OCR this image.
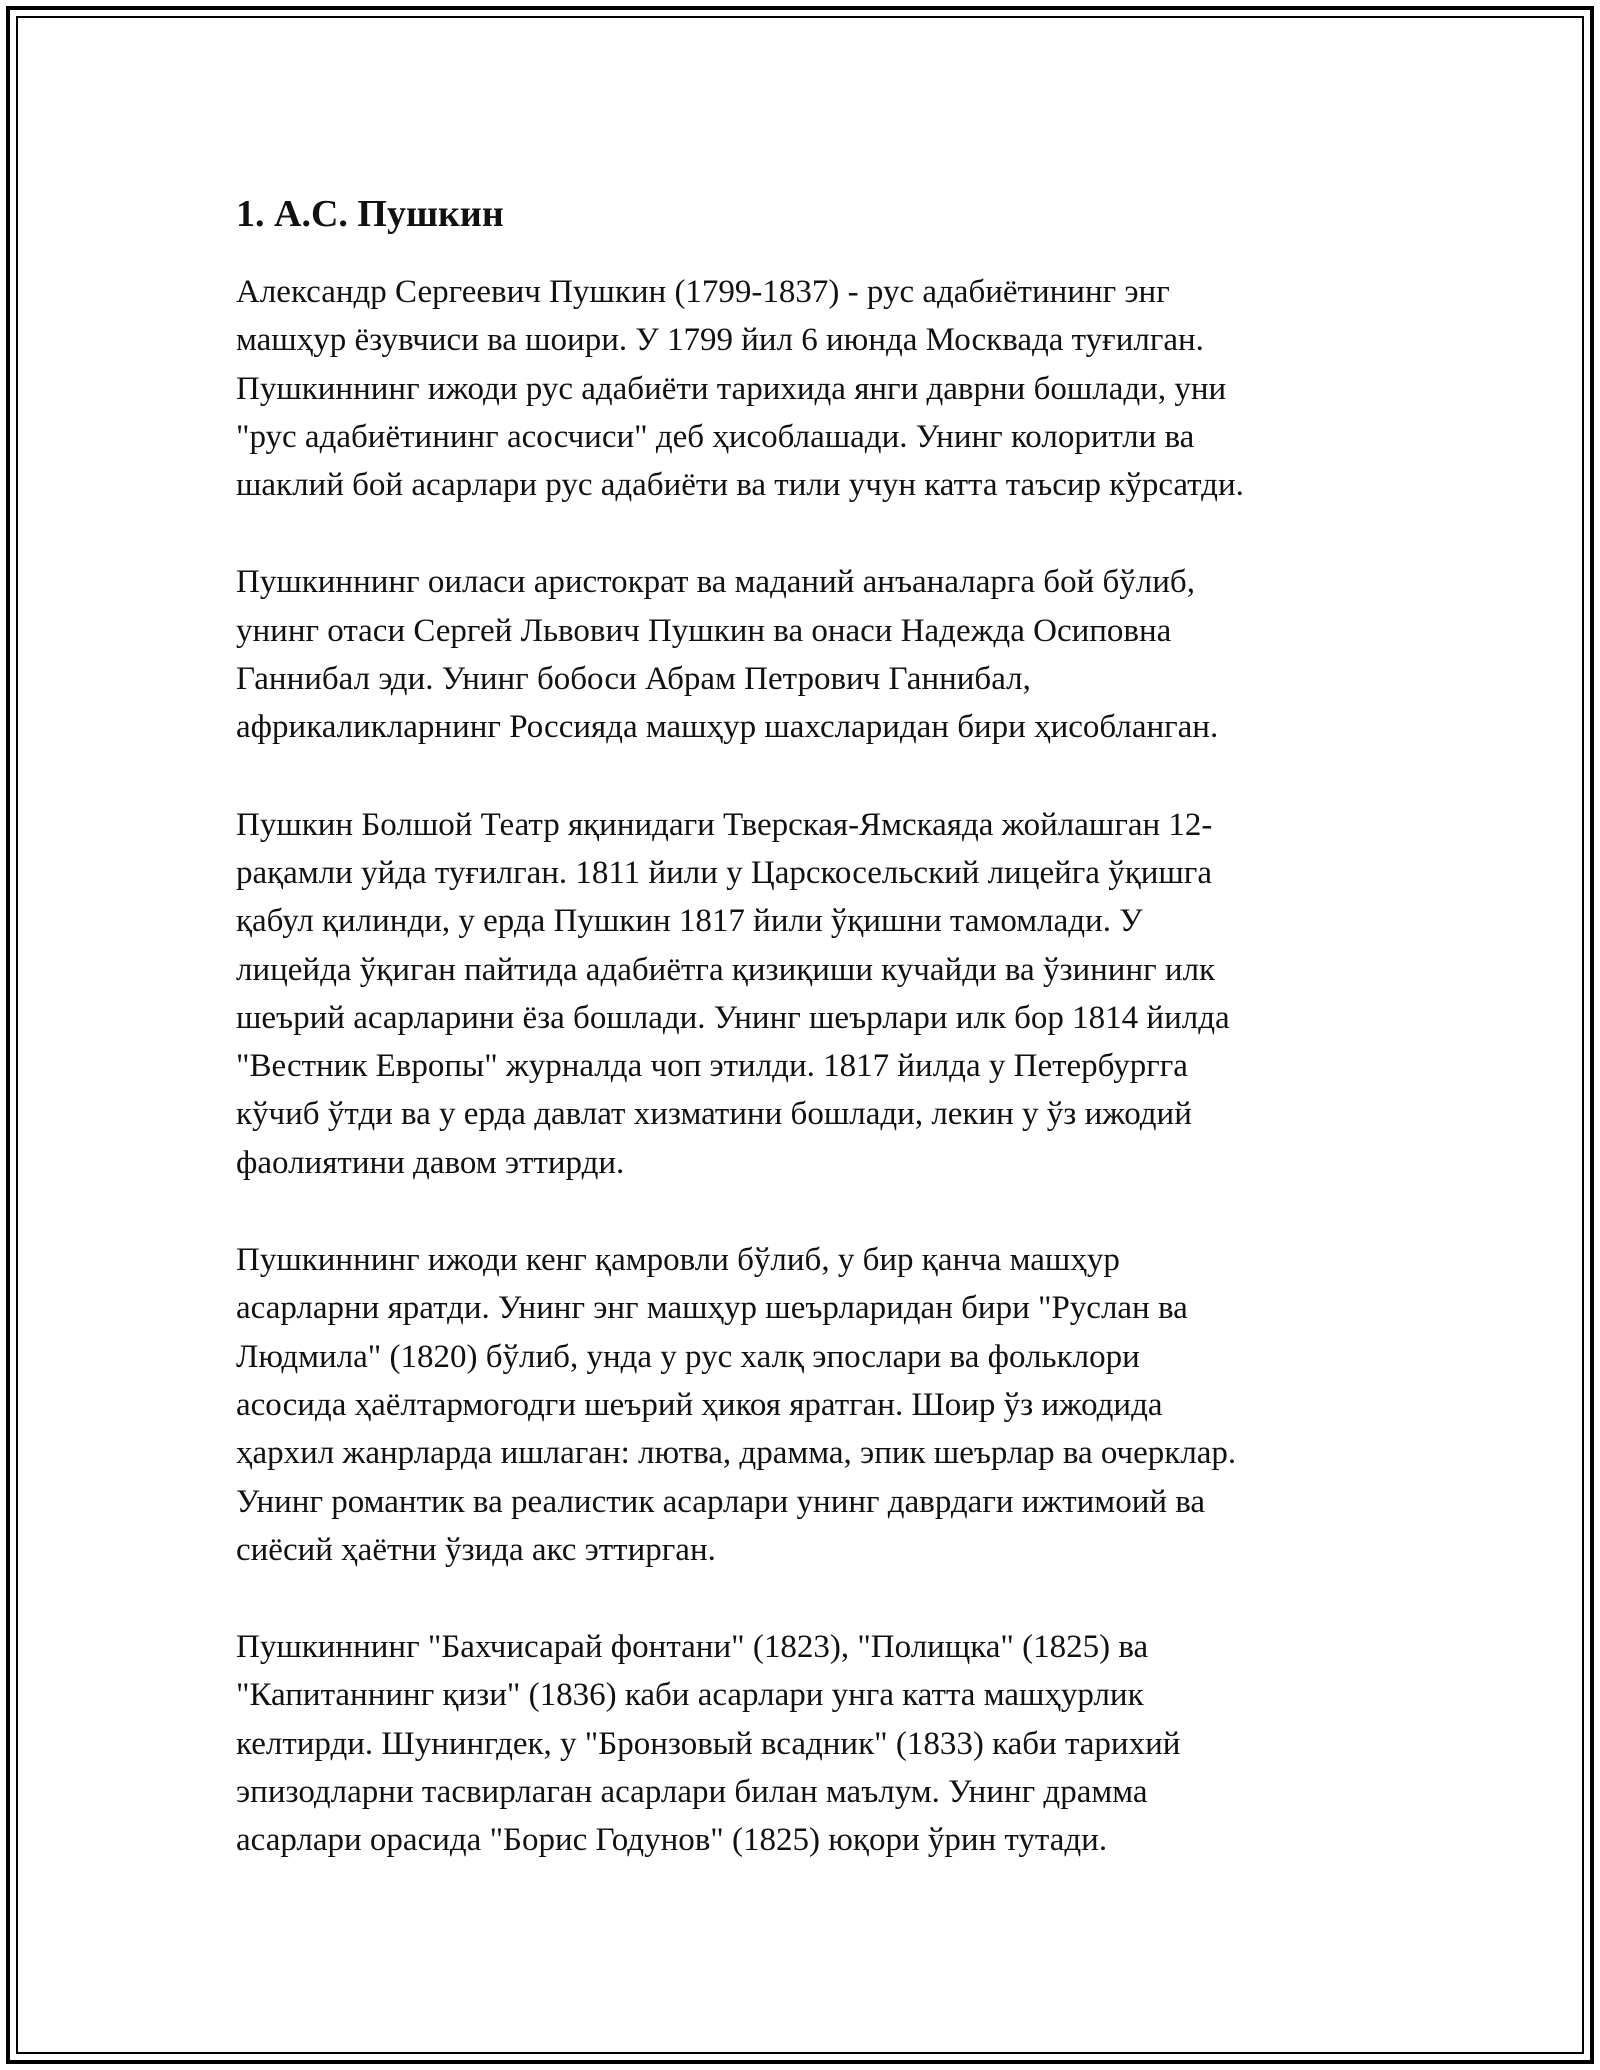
1. А.С. Пушкин

Александр Сергеевич Пушкин (1799-1837) - рус адабиётининг энг
машҳур ёзувчиси ва шоири. У 1799 йил 6 июнда Москвада туғилган.
Пушкиннинг ижоди рус адабиёти тарихида янги даврни бошлади, уни
"рус адабиётининг асосчиси" деб ҳисоблашади. Унинг колоритли ва
шаклий бой асарлари рус адабиёти ва тили учун катта таъсир кўрсатди.

Пушкиннинг оиласи аристократ ва маданий анъаналарга бой бўлиб,
унинг отаси Сергей Львович Пушкин ва онаси Надежда Осиповна
Ганнибал эди. Унинг бобоси Абрам Петрович Ганнибал,
африкаликларнинг Россияда машҳур шахсларидан бири ҳисобланган.

Пушкин Болшой Театр яқинидаги Тверская-Ямскаяда жойлашган 12-
рақамли уйда туғилган. 1811 йили у Царскосельский лицейга ўқишга
қабул қилинди, у ерда Пушкин 1817 йили ўқишни тамомлади. У
лицейда ўқиган пайтида адабиётга қизиқиши кучайди ва ўзининг илк
шеърий асарларини ёза бошлади. Унинг шеърлари илк бор 1814 йилда
"Вестник Европы" журналда чоп этилди. 1817 йилда у Петербургга
кўчиб ўтди ва у ерда давлат хизматини бошлади, лекин у ўз ижодий
фаолиятини давом эттирди.

Пушкиннинг ижоди кенг қамровли бўлиб, у бир қанча машҳур
асарларни яратди. Унинг энг машҳур шеърларидан бири "Руслан ва
Людмила" (1820) бўлиб, унда у рус халқ эпослари ва фольклори
асосида ҳаёлтармогодги шеърий ҳикоя яратган. Шоир ўз ижодида
ҳархил жанрларда ишлаган: лютва, драмма, эпик шеърлар ва очерклар.
Унинг романтик ва реалистик асарлари унинг даврдаги ижтимоий ва
сиёсий ҳаётни ўзида акс эттирган.

Пушкиннинг "Бахчисарай фонтани" (1823), "Полищка" (1825) ва
"Капитаннинг қизи" (1836) каби асарлари унга катта машҳурлик
келтирди. Шунингдек, у "Бронзовый всадник" (1833) каби тарихий
эпизодларни тасвирлаган асарлари билан маълум. Унинг драмма
асарлари орасида "Борис Годунов" (1825) юқори ўрин тутади.
